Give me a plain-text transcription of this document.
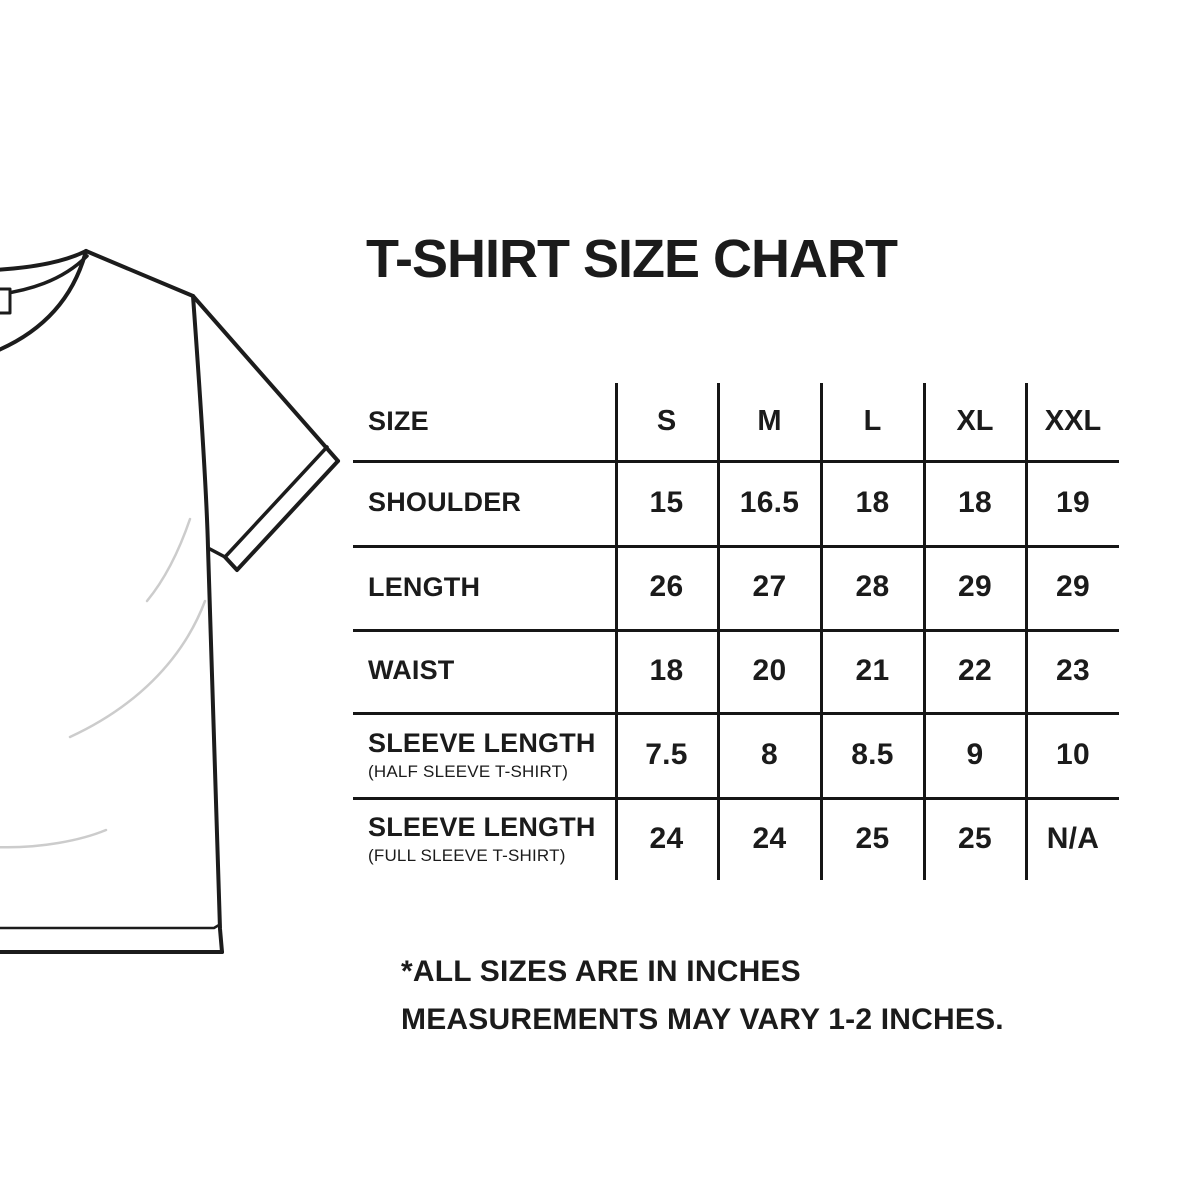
T-SHIRT SIZE CHART
SIZE	S	M	L	XL XXL
SHOULDER	15 16.5 18 18 19
LENGTH	26 27 28 29 29
WAIST	18 20 21 22 23
SLEEVE LENGTH
(HALF SLEEVE T-SHIRT)
7.5 8 8.5 9 10
SLEEVE LENGTH
(FULL SLEEVE T-SHIRT)
24 24 25 25 N/A
*ALL SIZES ARE IN INCHES
MEASUREMENTS MAY VARY 1-2 INCHES.
